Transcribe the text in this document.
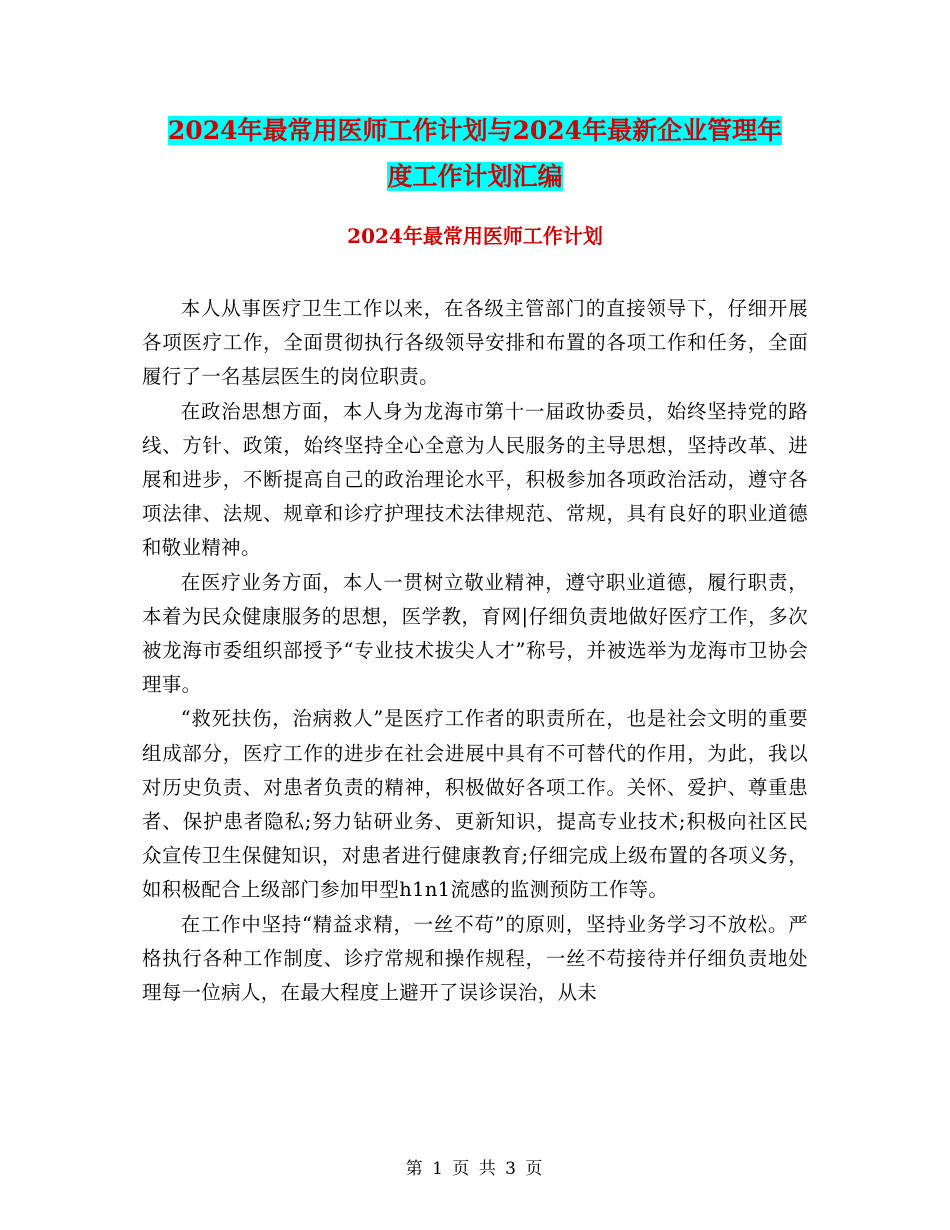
2024年最常用医师工作计划与2024年最新企业管理年
度工作计划汇编
2024年最常用医师工作计划

本人从事医疗卫生工作以来，在各级主管部门的直接领导下，仔细开展各项医疗工作，全面贯彻执行各级领导安排和布置的各项工作和任务，全面履行了一名基层医生的岗位职责。

在政治思想方面，本人身为龙海市第十一届政协委员，始终坚持党的路线、方针、政策，始终坚持全心全意为人民服务的主导思想，坚持改革、进展和进步，不断提高自己的政治理论水平，积极参加各项政治活动，遵守各项法律、法规、规章和诊疗护理技术法律规范、常规，具有良好的职业道德和敬业精神。

在医疗业务方面，本人一贯树立敬业精神，遵守职业道德，履行职责，本着为民众健康服务的思想，医学教，育网|仔细负责地做好医疗工作，多次被龙海市委组织部授予“专业技术拔尖人才”称号，并被选举为龙海市卫协会理事。

“救死扶伤，治病救人”是医疗工作者的职责所在，也是社会文明的重要组成部分，医疗工作的进步在社会进展中具有不可替代的作用，为此，我以对历史负责、对患者负责的精神，积极做好各项工作。关怀、爱护、尊重患者、保护患者隐私;努力钻研业务、更新知识，提高专业技术;积极向社区民众宣传卫生保健知识，对患者进行健康教育;仔细完成上级布置的各项义务，如积极配合上级部门参加甲型h1n1流感的监测预防工作等。

在工作中坚持“精益求精，一丝不苟”的原则，坚持业务学习不放松。严格执行各种工作制度、诊疗常规和操作规程，一丝不苟接待并仔细负责地处理每一位病人，在最大程度上避开了误诊误治，从未

第 1 页 共 3 页
